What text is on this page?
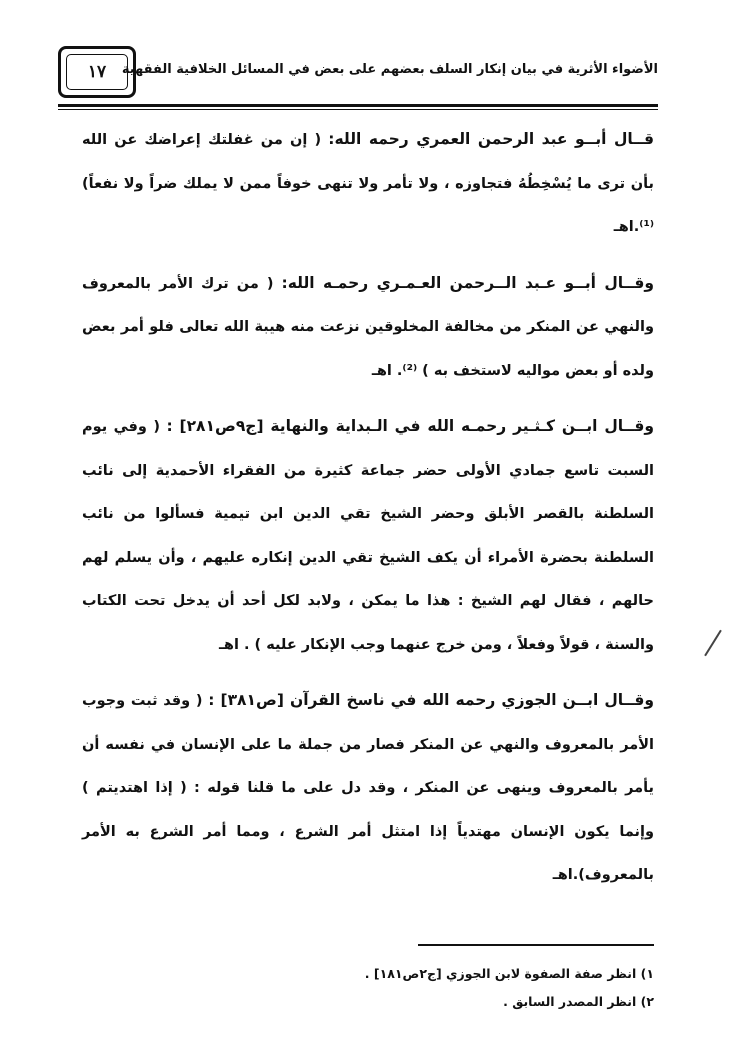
١٧	الأضواء الأثرية في بيان إنكار السلف بعضهم على بعض في المسائل الخلافية الفقهية

قــال أبــو عبد الرحمن العمري رحمه الله: ( إن من غفلتك إعراضك عن الله بأن ترى ما يُسْخِطُهُ فتجاوزه ، ولا تأمر ولا تنهى خوفاً ممن لا يملك ضراً ولا نفعاً)⁽¹⁾.اهـ

وقــال أبــو عـبد الــرحمن العـمـري رحمـه الله: ( من ترك الأمر بالمعروف والنهي عن المنكر من مخالفة المخلوقين نزعت منه هيبة الله تعالى فلو أمر بعض ولده أو بعض مواليه لاستخف به ) ⁽²⁾. اهـ

وقــال ابــن كـثـير رحمـه الله في الـبداية والنهاية [ج٩ص٢٨١] : ( وفي يوم السبت تاسع جمادي الأولى حضر جماعة كثيرة من الفقراء الأحمدية إلى نائب السلطنة بالقصر الأبلق وحضر الشيخ تقي الدين ابن تيمية فسألوا من نائب السلطنة بحضرة الأمراء أن يكف الشيخ تقي الدين إنكاره عليهم ، وأن يسلم لهم حالهم ، فقال لهم الشيخ : هذا ما يمكن ، ولابد لكل أحد أن يدخل تحت الكتاب والسنة ، قولاً وفعلاً ، ومن خرج عنهما وجب الإنكار عليه ) . اهـ

وقــال ابــن الجوزي رحمه الله في ناسخ القرآن [ص٣٨١] : ( وقد ثبت وجوب الأمر بالمعروف والنهي عن المنكر فصار من جملة ما على الإنسان في نفسه أن يأمر بالمعروف وينهى عن المنكر ، وقد دل على ما قلنا قوله : ( إذا اهتديتم ) وإنما يكون الإنسان مهتدياً إذا امتثل أمر الشرع ، ومما أمر الشرع به الأمر بالمعروف).اهـ

١) انظر صفة الصفوة لابن الجوزي [ج٢ص١٨١] .

٢) انظر المصدر السابق .
